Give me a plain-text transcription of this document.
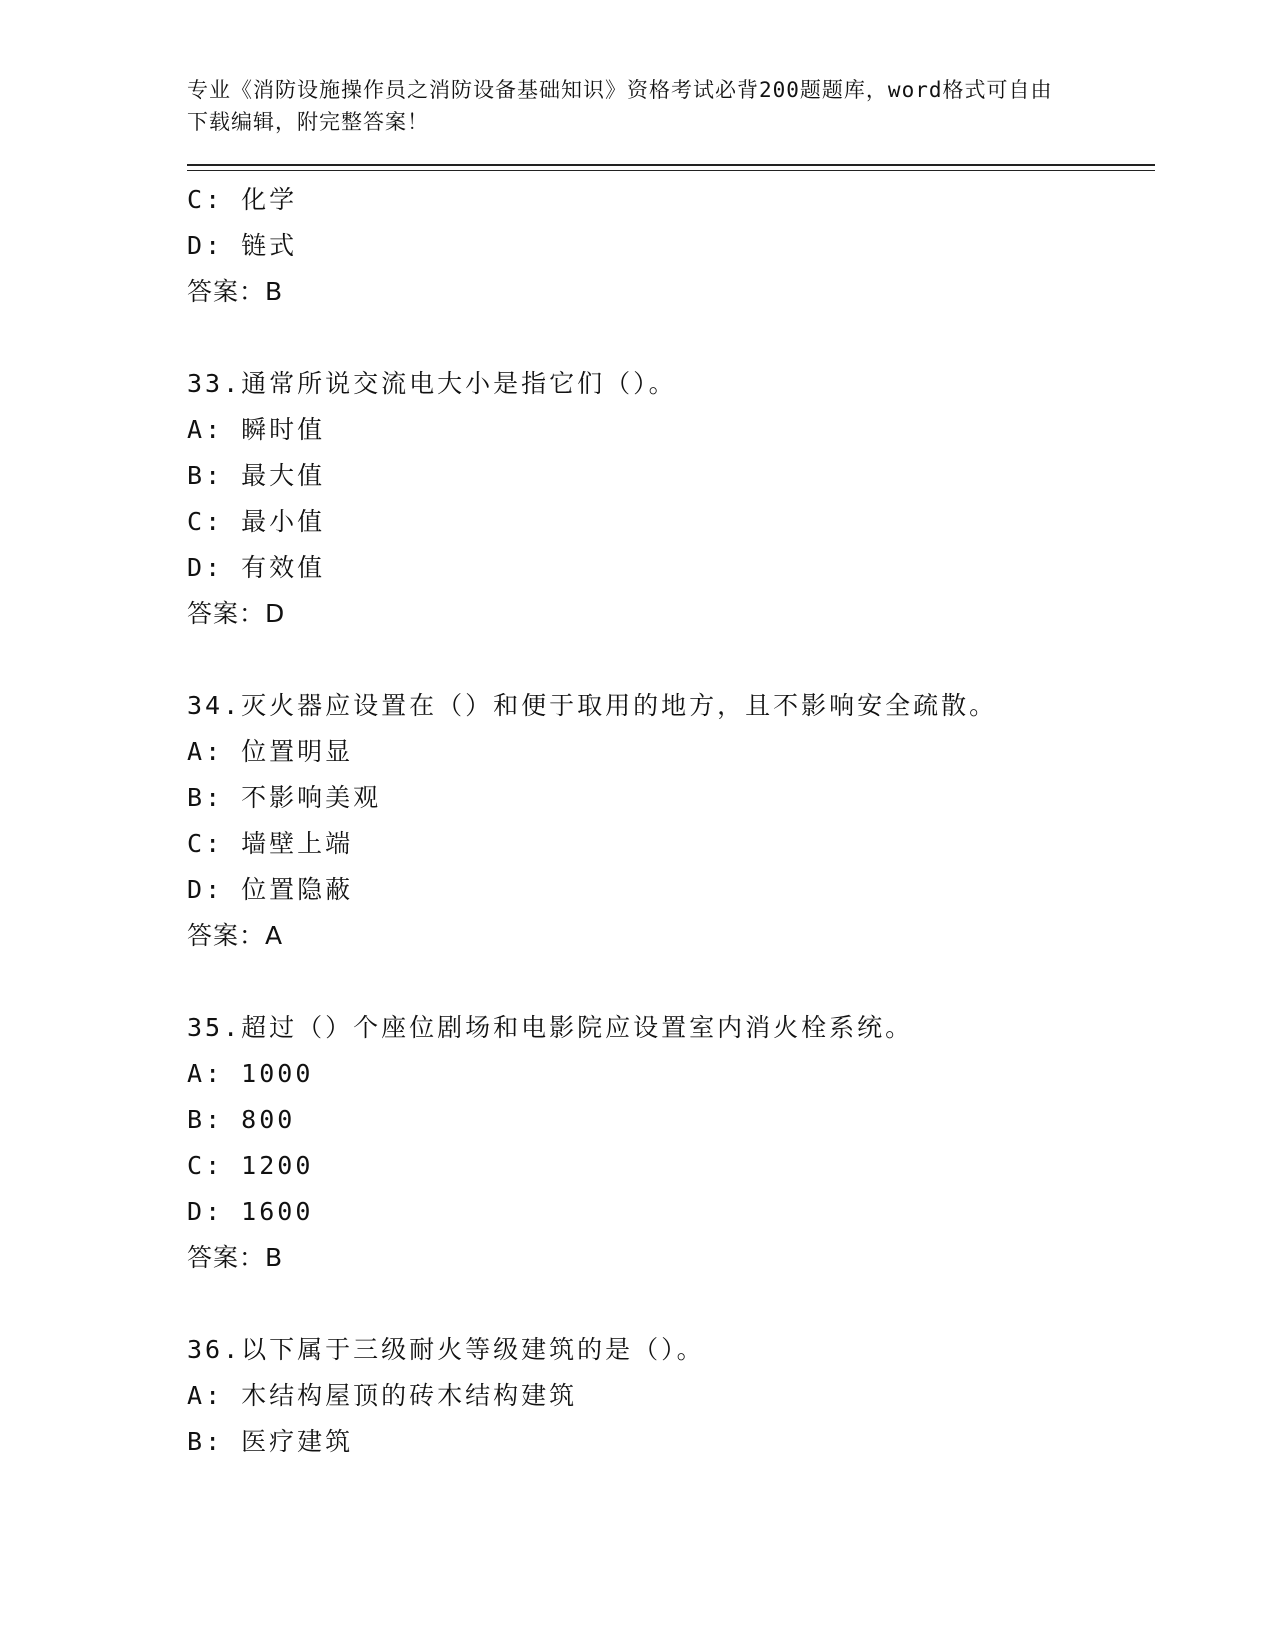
专业《消防设施操作员之消防设备基础知识》资格考试必背200题题库，word格式可自由下载编辑，附完整答案！
C: 化学
D: 链式
答案：B
33.通常所说交流电大小是指它们（）。
A: 瞬时值
B: 最大值
C: 最小值
D: 有效值
答案：D
34.灭火器应设置在（）和便于取用的地方，且不影响安全疏散。
A: 位置明显
B: 不影响美观
C: 墙壁上端
D: 位置隐蔽
答案：A
35.超过（）个座位剧场和电影院应设置室内消火栓系统。
A: 1000
B: 800
C: 1200
D: 1600
答案：B
36.以下属于三级耐火等级建筑的是（）。
A: 木结构屋顶的砖木结构建筑
B: 医疗建筑
